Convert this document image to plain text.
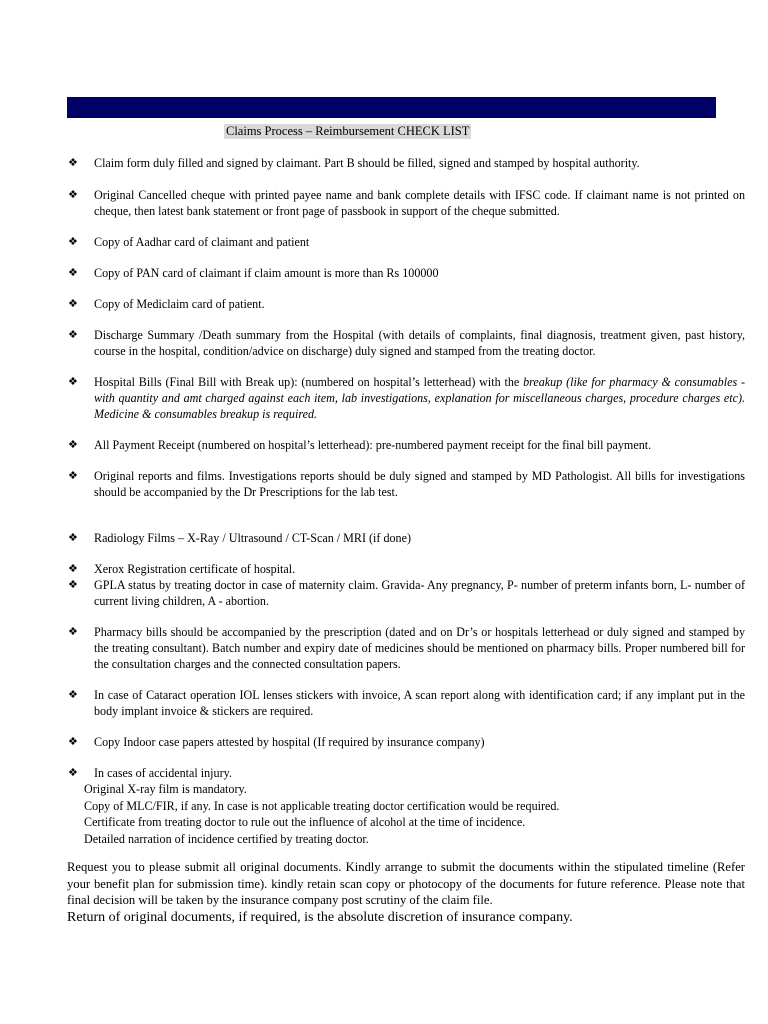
Claims Process – Reimbursement CHECK LIST
❖ Claim form duly filled and signed by claimant. Part B should be filled, signed and stamped by hospital authority.
❖ Original Cancelled cheque with printed payee name and bank complete details with IFSC code. If claimant name is not printed on cheque, then latest bank statement or front page of passbook in support of the cheque submitted.
❖ Copy of Aadhar card of claimant and patient
❖ Copy of PAN card of claimant if claim amount is more than Rs 100000
❖ Copy of Mediclaim card of patient.
❖ Discharge Summary /Death summary from the Hospital (with details of complaints, final diagnosis, treatment given, past history, course in the hospital, condition/advice on discharge) duly signed and stamped from the treating doctor.
❖ Hospital Bills (Final Bill with Break up): (numbered on hospital’s letterhead) with the breakup (like for pharmacy & consumables -with quantity and amt charged against each item, lab investigations, explanation for miscellaneous charges, procedure charges etc). Medicine & consumables breakup is required.
❖ All Payment Receipt (numbered on hospital’s letterhead): pre-numbered payment receipt for the final bill payment.
❖ Original reports and films. Investigations reports should be duly signed and stamped by MD Pathologist. All bills for investigations should be accompanied by the Dr Prescriptions for the lab test.
❖ Radiology Films – X-Ray / Ultrasound / CT-Scan / MRI (if done)
❖ Xerox Registration certificate of hospital.
❖ GPLA status by treating doctor in case of maternity claim. Gravida- Any pregnancy, P- number of preterm infants born, L- number of current living children, A - abortion.
❖ Pharmacy bills should be accompanied by the prescription (dated and on Dr’s or hospitals letterhead or duly signed and stamped by the treating consultant). Batch number and expiry date of medicines should be mentioned on pharmacy bills. Proper numbered bill for the consultation charges and the connected consultation papers.
❖ In case of Cataract operation IOL lenses stickers with invoice, A scan report along with identification card; if any implant put in the body implant invoice & stickers are required.
❖ Copy Indoor case papers attested by hospital (If required by insurance company)
❖ In cases of accidental injury.
Original X-ray film is mandatory.
Copy of MLC/FIR, if any. In case is not applicable treating doctor certification would be required.
Certificate from treating doctor to rule out the influence of alcohol at the time of incidence.
Detailed narration of incidence certified by treating doctor.
Request you to please submit all original documents. Kindly arrange to submit the documents within the stipulated timeline (Refer your benefit plan for submission time). kindly retain scan copy or photocopy of the documents for future reference. Please note that final decision will be taken by the insurance company post scrutiny of the claim file.
Return of original documents, if required, is the absolute discretion of insurance company.
